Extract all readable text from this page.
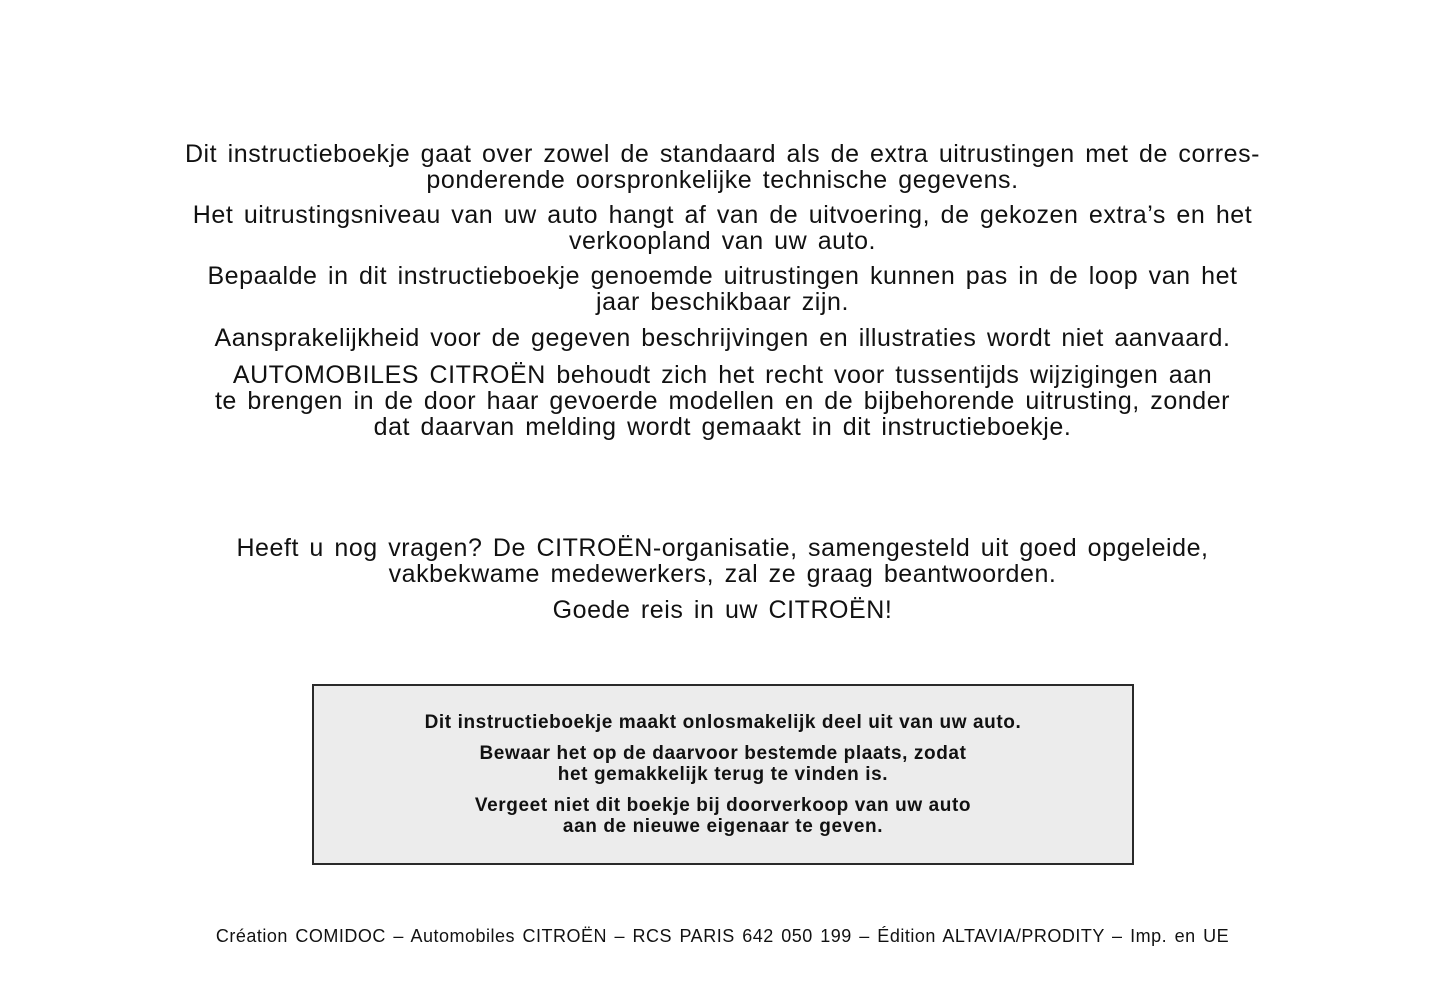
Dit instructieboekje gaat over zowel de standaard als de extra uitrustingen met de corres-
ponderende oorspronkelijke technische gegevens.

Het uitrustingsniveau van uw auto hangt af van de uitvoering, de gekozen extra’s en het
verkoopland van uw auto.

Bepaalde in dit instructieboekje genoemde uitrustingen kunnen pas in de loop van het
jaar beschikbaar zijn.

Aansprakelijkheid voor de gegeven beschrijvingen en illustraties wordt niet aanvaard.

AUTOMOBILES CITROËN behoudt zich het recht voor tussentijds wijzigingen aan
te brengen in de door haar gevoerde modellen en de bijbehorende uitrusting, zonder
dat daarvan melding wordt gemaakt in dit instructieboekje.

Heeft u nog vragen? De CITROËN-organisatie, samengesteld uit goed opgeleide,
vakbekwame medewerkers, zal ze graag beantwoorden.

Goede reis in uw CITROËN!

Dit instructieboekje maakt onlosmakelijk deel uit van uw auto.

Bewaar het op de daarvoor bestemde plaats, zodat
het gemakkelijk terug te vinden is.

Vergeet niet dit boekje bij doorverkoop van uw auto
aan de nieuwe eigenaar te geven.

Création COMIDOC – Automobiles CITROËN – RCS PARIS 642 050 199 – Édition ALTAVIA/PRODITY – Imp. en UE
